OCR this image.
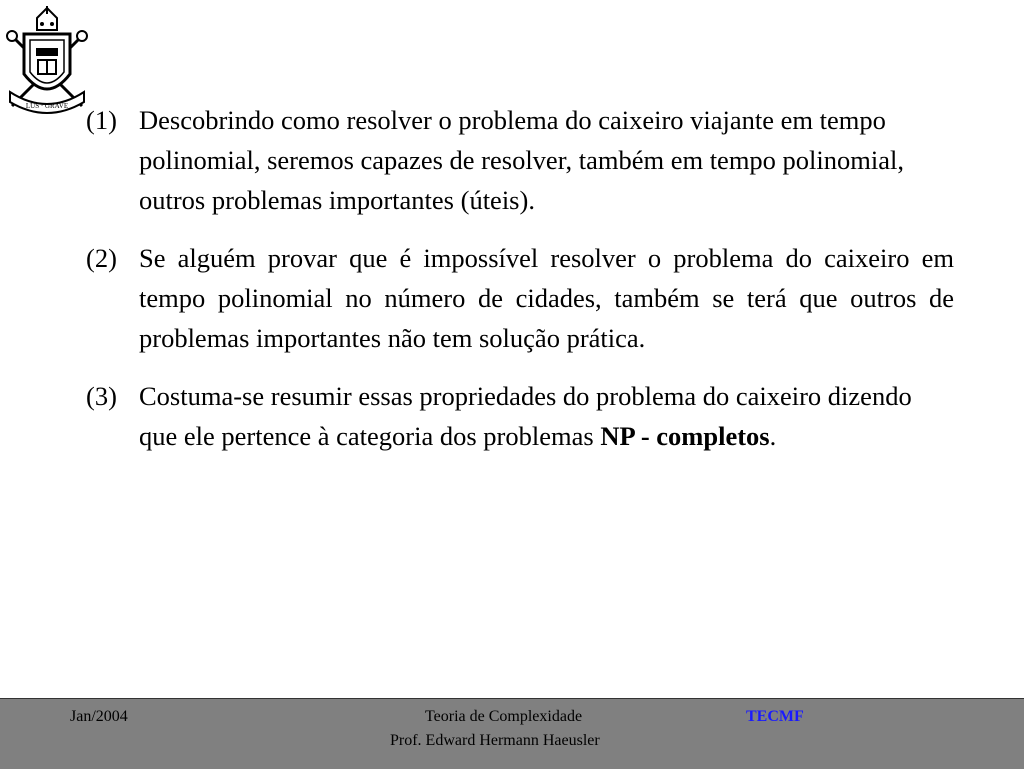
LUS · GRAVE (1) Descobrindo como resolver o problema do caixeiro viajante em tempo polinomial, seremos capazes de resolver, também em tempo polinomial, outros problemas importantes (úteis).
(2) Se alguém provar que é impossível resolver o problema do caixeiro em tempo polinomial no número de cidades, também se terá que outros de problemas importantes não tem solução prática.
(3) Costuma-se resumir essas propriedades do problema do caixeiro dizendo que ele pertence à categoria dos problemas NP - completos.
Jan/2004	Teoria de Complexidade
Prof. Edward Hermann Haeusler
TECMF
